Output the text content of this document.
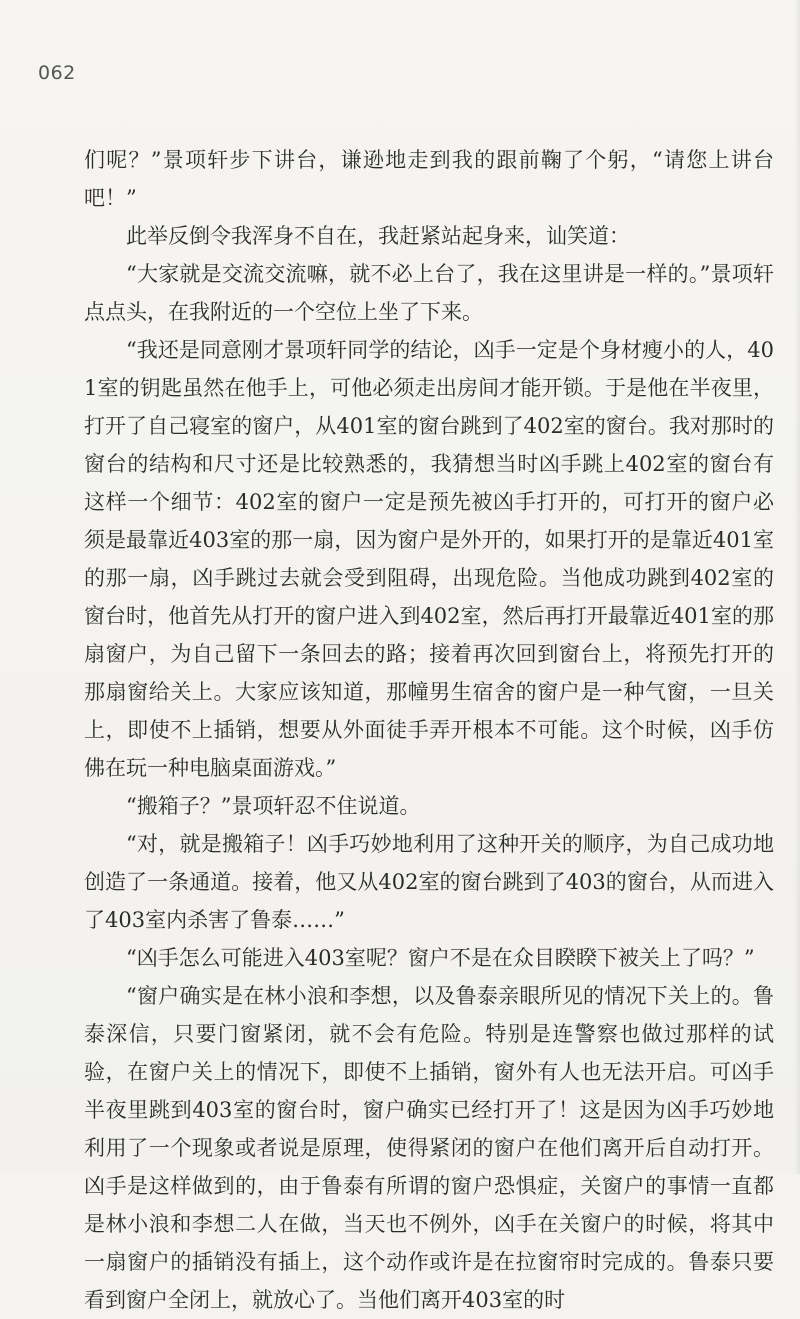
062

们呢？”景项轩步下讲台，谦逊地走到我的跟前鞠了个躬，“请您上讲台吧！”

此举反倒令我浑身不自在，我赶紧站起身来，讪笑道：

“大家就是交流交流嘛，就不必上台了，我在这里讲是一样的。”景项轩点点头，在我附近的一个空位上坐了下来。

“我还是同意刚才景项轩同学的结论，凶手一定是个身材瘦小的人，401室的钥匙虽然在他手上，可他必须走出房间才能开锁。于是他在半夜里，打开了自己寝室的窗户，从401室的窗台跳到了402室的窗台。我对那时的窗台的结构和尺寸还是比较熟悉的，我猜想当时凶手跳上402室的窗台有这样一个细节：402室的窗户一定是预先被凶手打开的，可打开的窗户必须是最靠近403室的那一扇，因为窗户是外开的，如果打开的是靠近401室的那一扇，凶手跳过去就会受到阻碍，出现危险。当他成功跳到402室的窗台时，他首先从打开的窗户进入到402室，然后再打开最靠近401室的那扇窗户，为自己留下一条回去的路；接着再次回到窗台上，将预先打开的那扇窗给关上。大家应该知道，那幢男生宿舍的窗户是一种气窗，一旦关上，即使不上插销，想要从外面徒手弄开根本不可能。这个时候，凶手仿佛在玩一种电脑桌面游戏。”

“搬箱子？”景项轩忍不住说道。

“对，就是搬箱子！凶手巧妙地利用了这种开关的顺序，为自己成功地创造了一条通道。接着，他又从402室的窗台跳到了403的窗台，从而进入了403室内杀害了鲁泰……”

“凶手怎么可能进入403室呢？窗户不是在众目睽睽下被关上了吗？”

“窗户确实是在林小浪和李想，以及鲁泰亲眼所见的情况下关上的。鲁泰深信，只要门窗紧闭，就不会有危险。特别是连警察也做过那样的试验，在窗户关上的情况下，即使不上插销，窗外有人也无法开启。可凶手半夜里跳到403室的窗台时，窗户确实已经打开了！这是因为凶手巧妙地利用了一个现象或者说是原理，使得紧闭的窗户在他们离开后自动打开。凶手是这样做到的，由于鲁泰有所谓的窗户恐惧症，关窗户的事情一直都是林小浪和李想二人在做，当天也不例外，凶手在关窗户的时候，将其中一扇窗户的插销没有插上，这个动作或许是在拉窗帘时完成的。鲁泰只要看到窗户全闭上，就放心了。当他们离开403室的时
